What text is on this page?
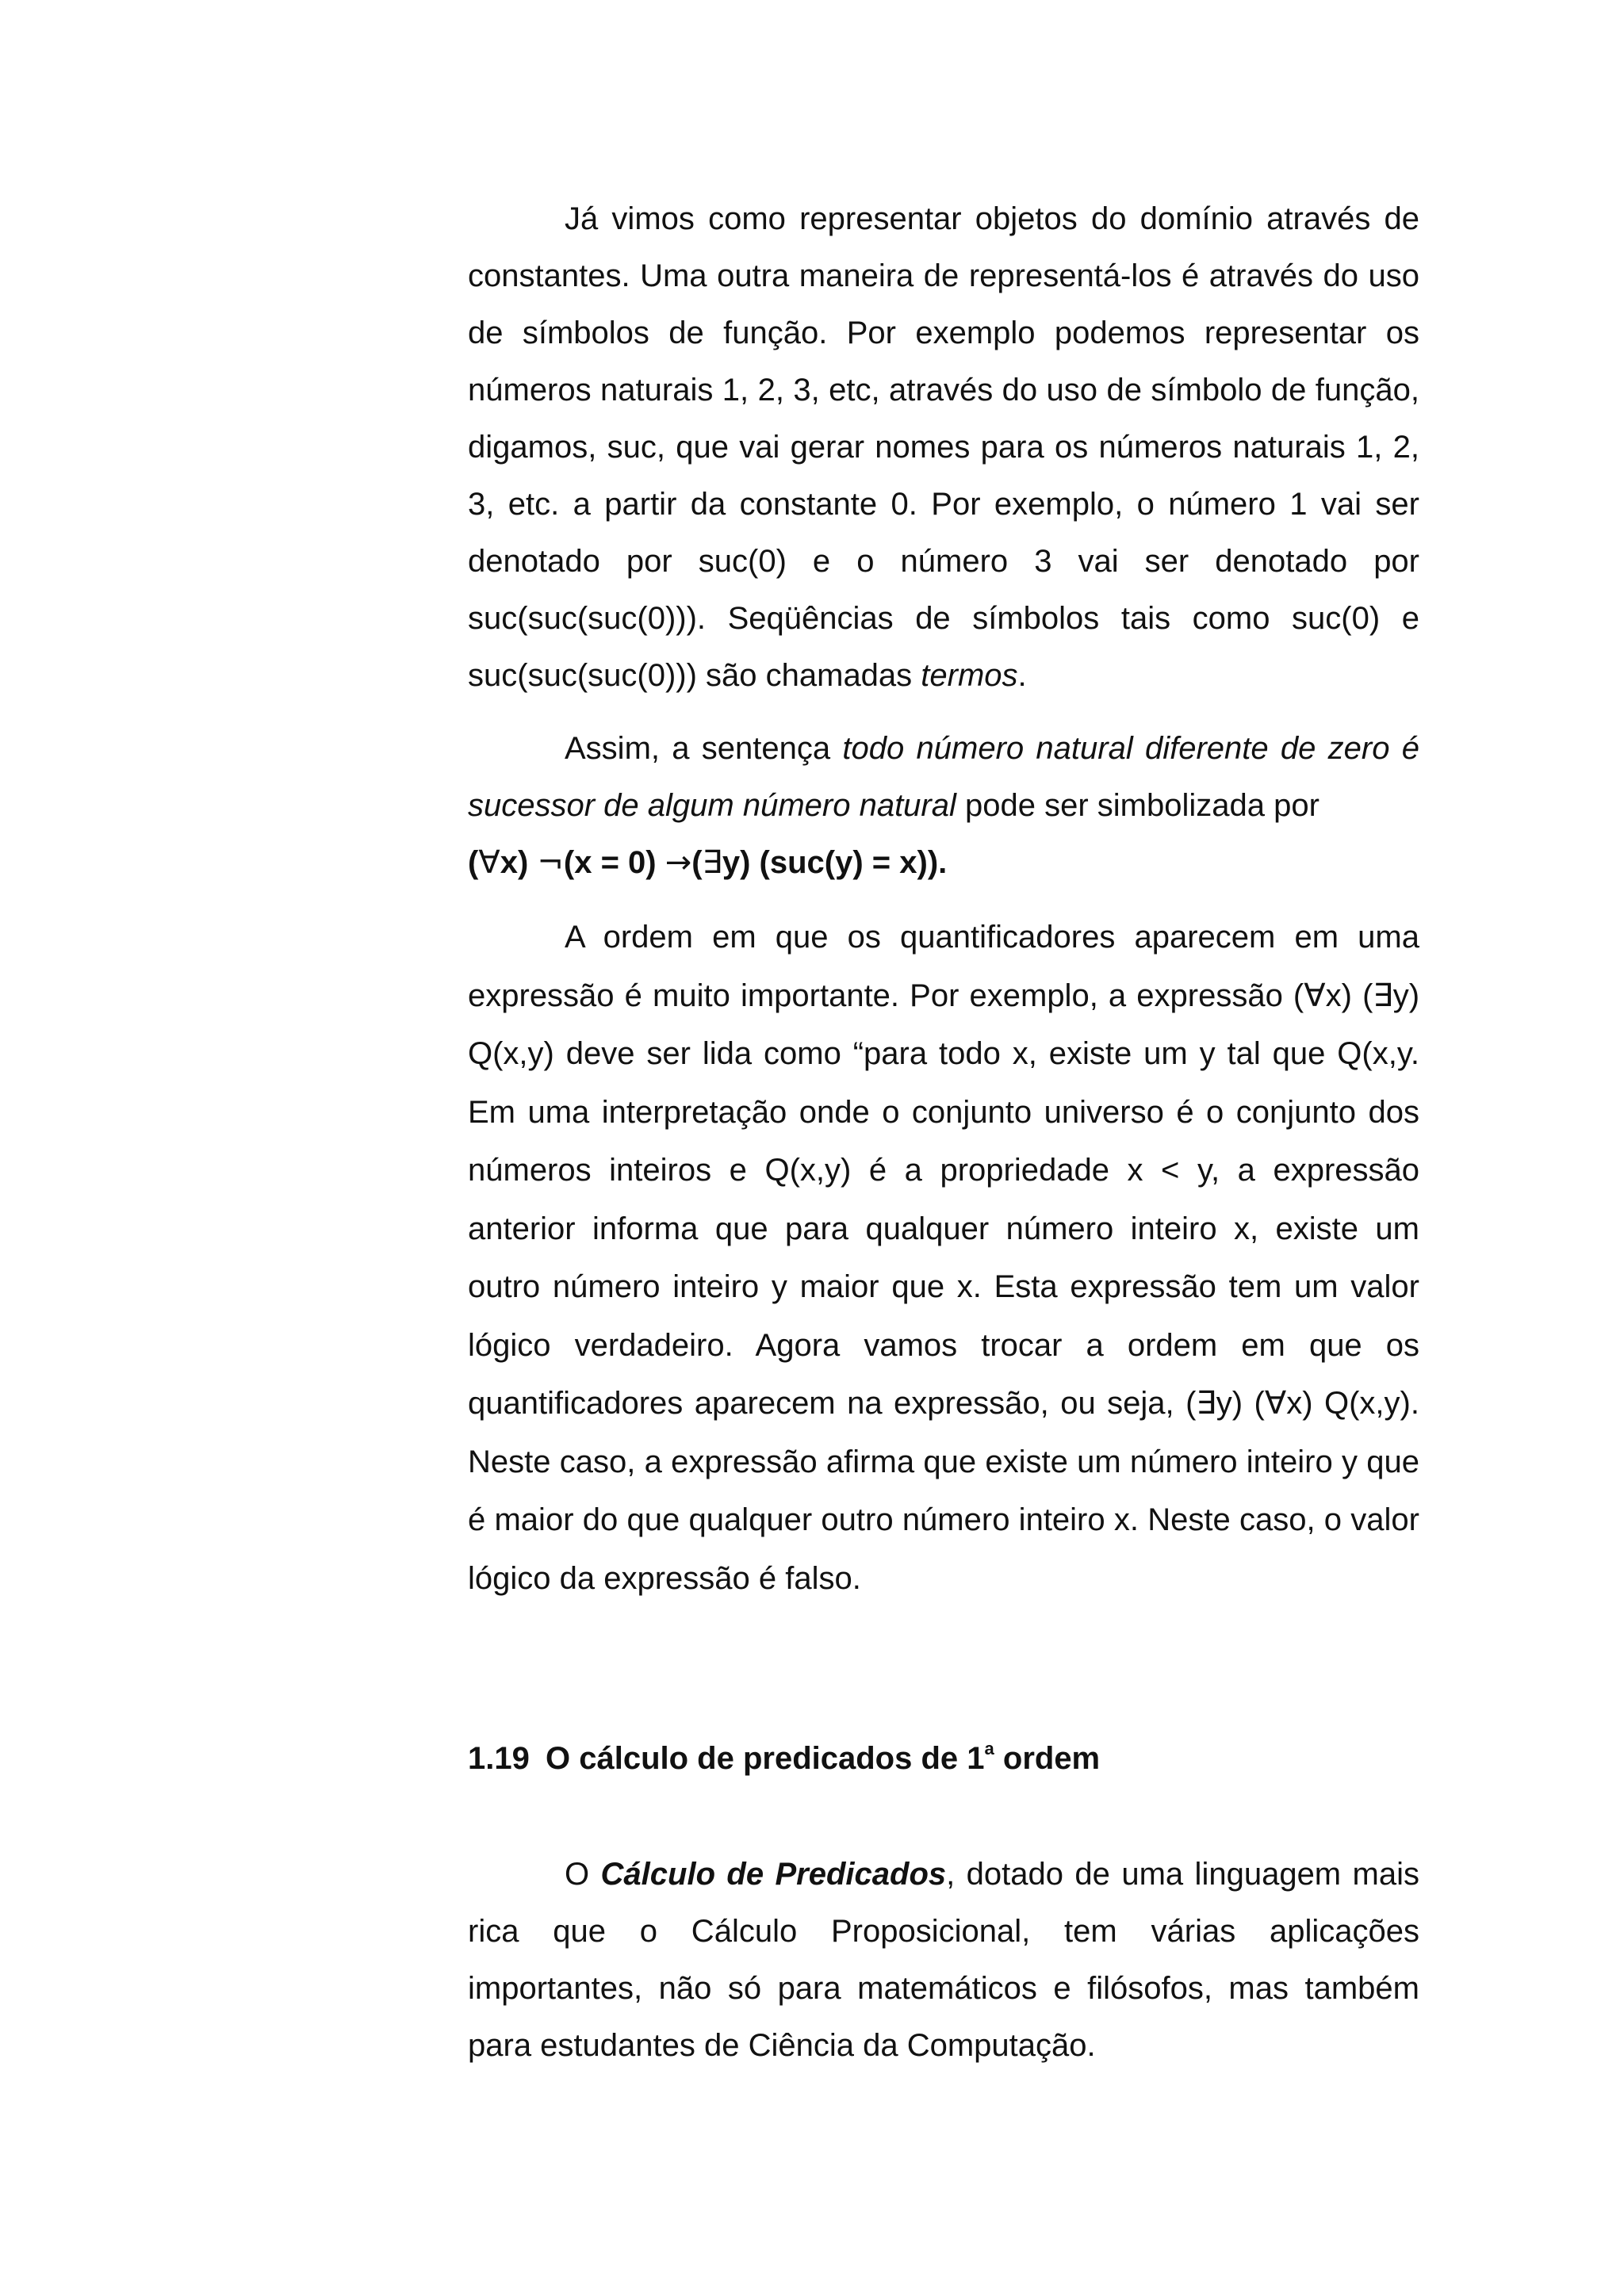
Já vimos como representar objetos do domínio através de constantes. Uma outra maneira de representá-los é através do uso de símbolos de função. Por exemplo podemos representar os números naturais 1, 2, 3, etc, através do uso de símbolo de função, digamos, suc, que vai gerar nomes para os números naturais 1, 2, 3, etc. a partir da constante 0. Por exemplo, o número 1 vai ser denotado por suc(0) e o número 3 vai ser denotado por suc(suc(suc(0))). Seqüências de símbolos tais como suc(0) e suc(suc(suc(0))) são chamadas termos.

Assim, a sentença todo número natural diferente de zero é sucessor de algum número natural pode ser simbolizada por

(∀x) ¬(x = 0) →(∃y) (suc(y) = x)).

A ordem em que os quantificadores aparecem em uma expressão é muito importante. Por exemplo, a expressão (∀x) (∃y) Q(x,y) deve ser lida como “para todo x, existe um y tal que Q(x,y. Em uma interpretação onde o conjunto universo é o conjunto dos números inteiros e Q(x,y) é a propriedade x < y, a expressão anterior informa que para qualquer número inteiro x, existe um outro número inteiro y maior que x. Esta expressão tem um valor lógico verdadeiro. Agora vamos trocar a ordem em que os quantificadores aparecem na expressão, ou seja, (∃y) (∀x) Q(x,y). Neste caso, a expressão afirma que existe um número inteiro y que é maior do que qualquer outro número inteiro x. Neste caso, o valor lógico da expressão é falso.

1.19 O cálculo de predicados de 1$^a$ ordem

O Cálculo de Predicados, dotado de uma linguagem mais rica que o Cálculo Proposicional, tem várias aplicações importantes, não só para matemáticos e filósofos, mas também para estudantes de Ciência da Computação.
